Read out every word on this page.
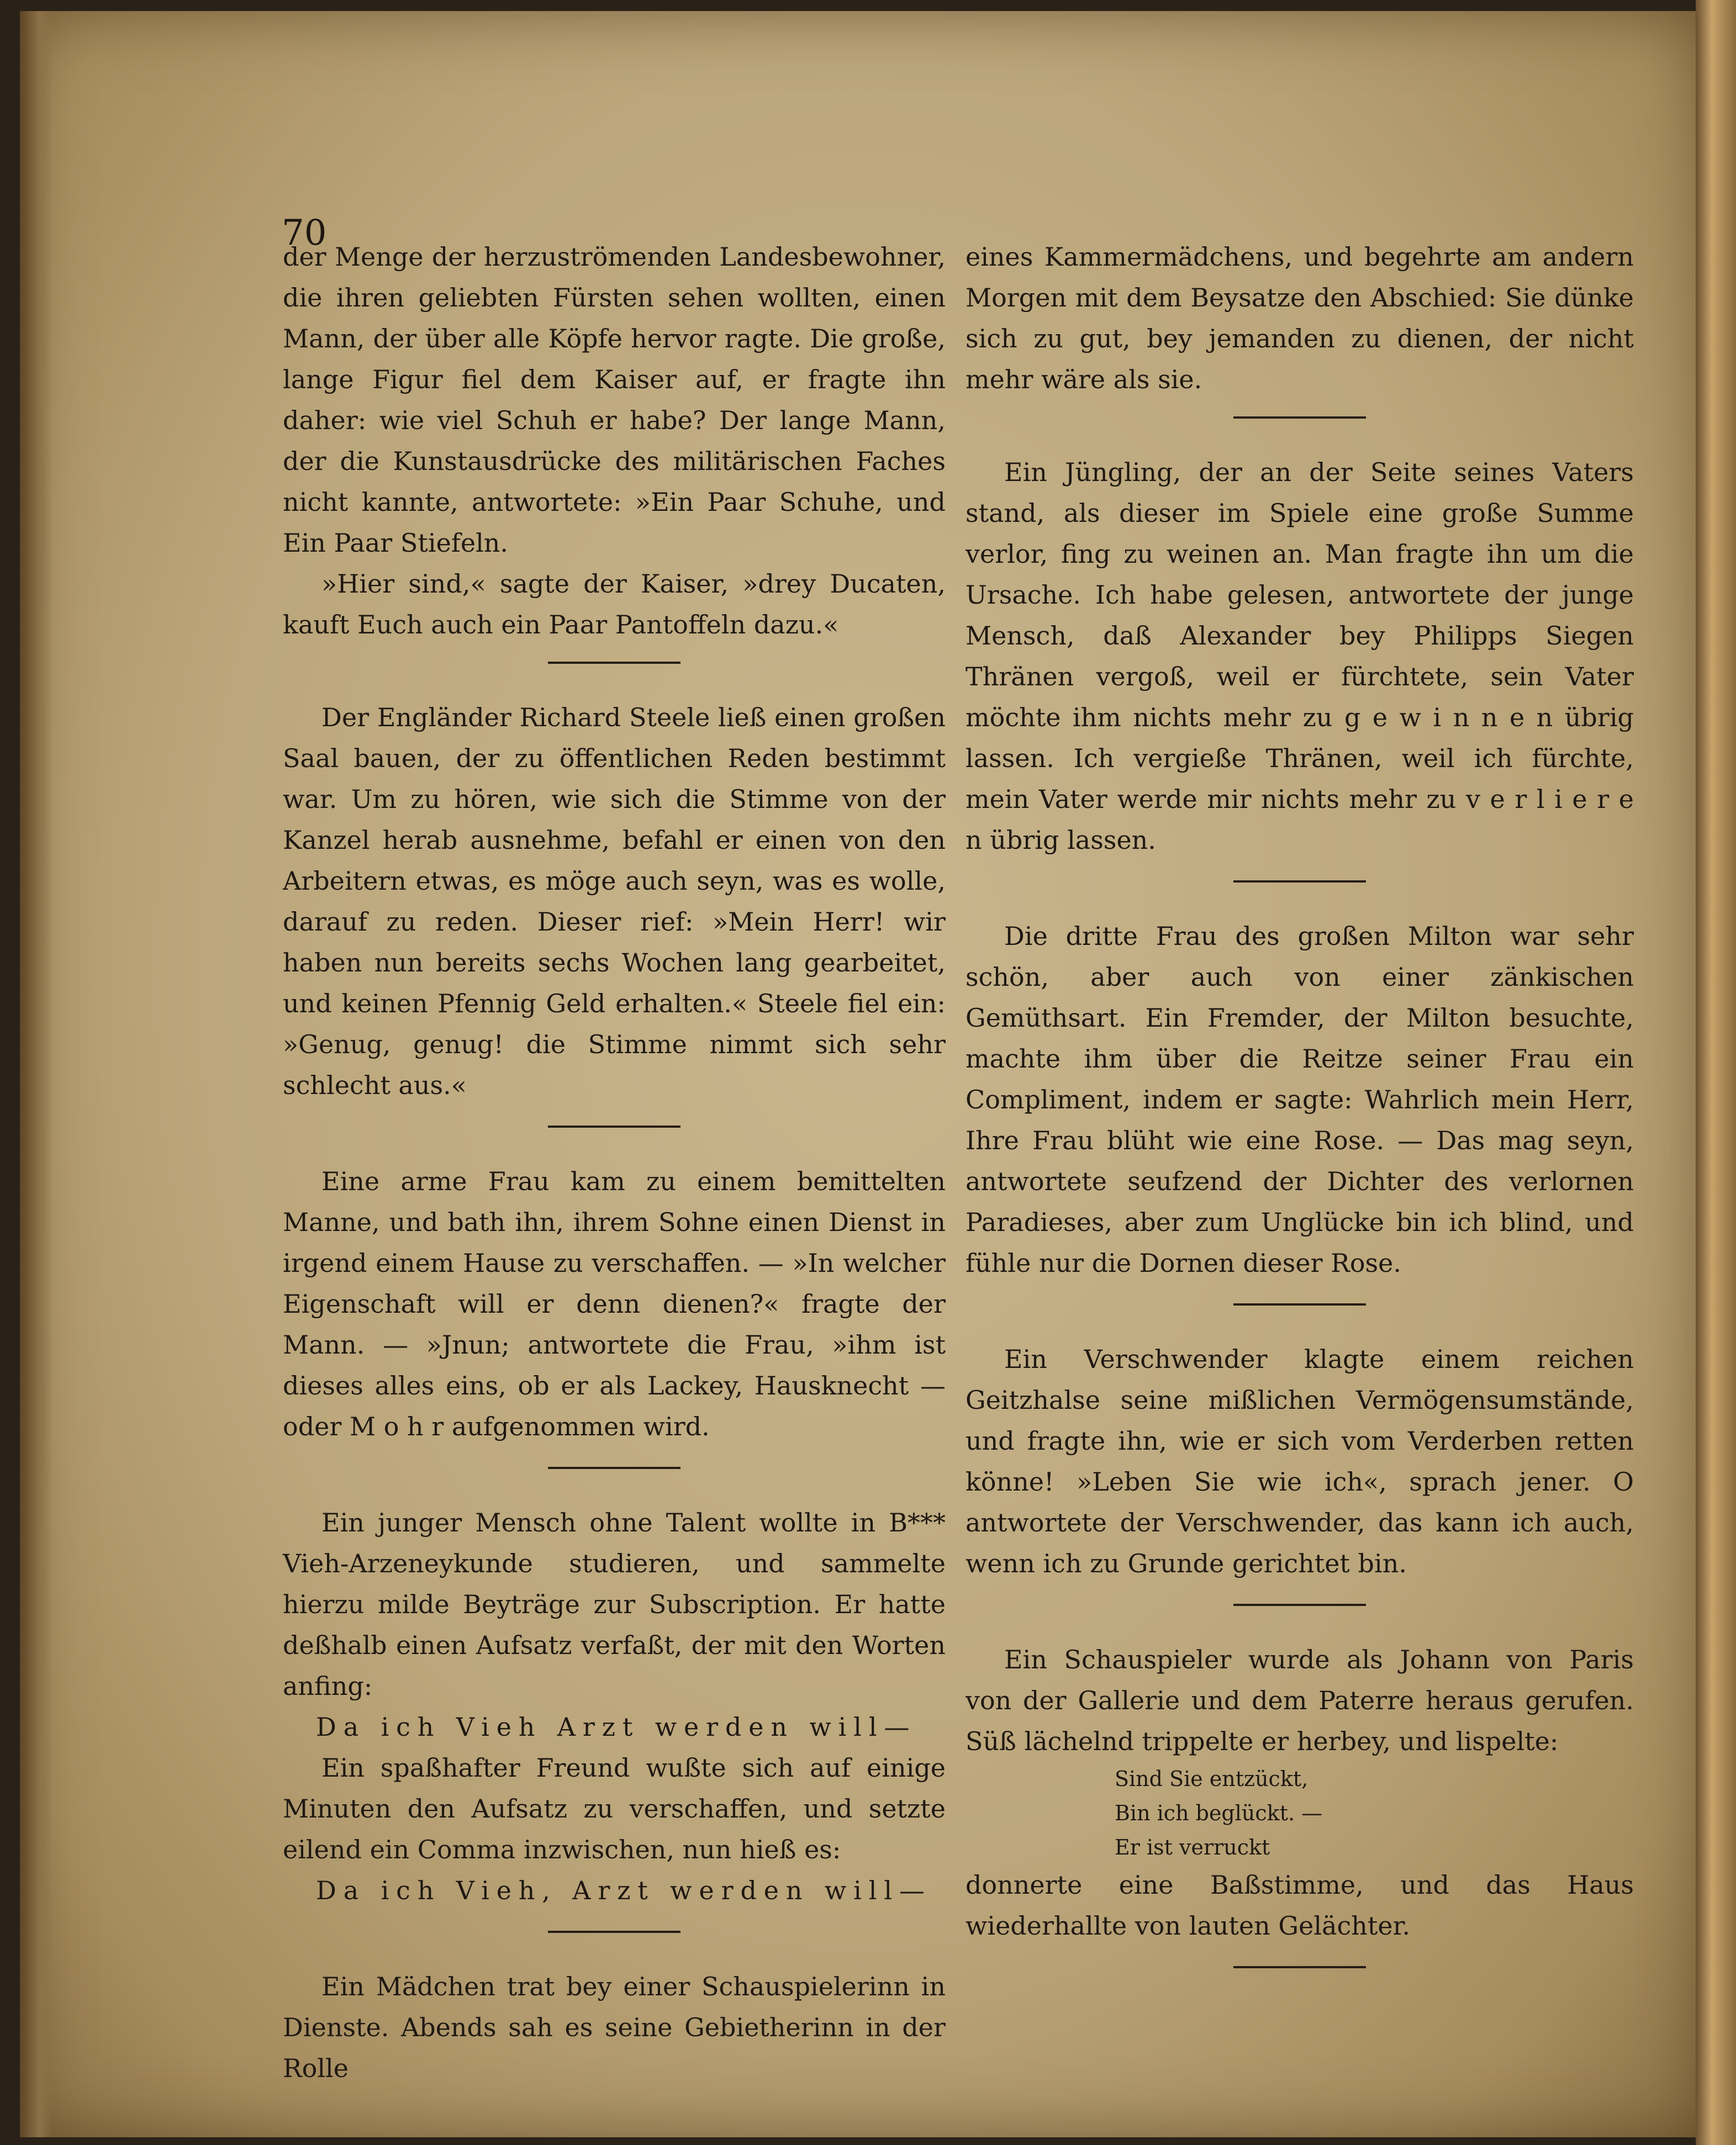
70

der Menge der herzuströmenden Landesbewohner, die ihren geliebten Fürsten sehen wollten, einen Mann, der über alle Köpfe hervor ragte. Die große, lange Figur fiel dem Kaiser auf, er fragte ihn daher: wie viel Schuh er habe? Der lange Mann, der die Kunstausdrücke des militärischen Faches nicht kannte, antwortete: »Ein Paar Schuhe, und Ein Paar Stiefeln.

»Hier sind,« sagte der Kaiser, »drey Ducaten, kauft Euch auch ein Paar Pantoffeln dazu.«

Der Engländer Richard Steele ließ einen großen Saal bauen, der zu öffentlichen Reden bestimmt war. Um zu hören, wie sich die Stimme von der Kanzel herab ausnehme, befahl er einen von den Arbeitern etwas, es möge auch seyn, was es wolle, darauf zu reden. Dieser rief: »Mein Herr! wir haben nun bereits sechs Wochen lang gearbeitet, und keinen Pfennig Geld erhalten.« Steele fiel ein: »Genug, genug! die Stimme nimmt sich sehr schlecht aus.«

Eine arme Frau kam zu einem bemittelten Manne, und bath ihn, ihrem Sohne einen Dienst in irgend einem Hause zu verschaffen. — »In welcher Eigenschaft will er denn dienen?« fragte der Mann. — »Jnun; antwortete die Frau, »ihm ist dieses alles eins, ob er als Lackey, Hausknecht — oder M o h r aufgenommen wird.

Ein junger Mensch ohne Talent wollte in B*** Vieh-Arzeneykunde studieren, und sammelte hierzu milde Beyträge zur Subscription. Er hatte deßhalb einen Aufsatz verfaßt, der mit den Worten anfing:

Da ich Vieh Arzt werden will—

Ein spaßhafter Freund wußte sich auf einige Minuten den Aufsatz zu verschaffen, und setzte eilend ein Comma inzwischen, nun hieß es:

Da ich Vieh, Arzt werden will—

Ein Mädchen trat bey einer Schauspielerinn in Dienste. Abends sah es seine Gebietherinn in der Rolle

eines Kammermädchens, und begehrte am andern Morgen mit dem Beysatze den Abschied: Sie dünke sich zu gut, bey jemanden zu dienen, der nicht mehr wäre als sie.

Ein Jüngling, der an der Seite seines Vaters stand, als dieser im Spiele eine große Summe verlor, fing zu weinen an. Man fragte ihn um die Ursache. Ich habe gelesen, antwortete der junge Mensch, daß Alexander bey Philipps Siegen Thränen vergoß, weil er fürchtete, sein Vater möchte ihm nichts mehr zu g e w i n n e n übrig lassen. Ich vergieße Thränen, weil ich fürchte, mein Vater werde mir nichts mehr zu v e r l i e r e n übrig lassen.

Die dritte Frau des großen Milton war sehr schön, aber auch von einer zänkischen Gemüthsart. Ein Fremder, der Milton besuchte, machte ihm über die Reitze seiner Frau ein Compliment, indem er sagte: Wahrlich mein Herr, Ihre Frau blüht wie eine Rose. — Das mag seyn, antwortete seufzend der Dichter des verlornen Paradieses, aber zum Unglücke bin ich blind, und fühle nur die Dornen dieser Rose.

Ein Verschwender klagte einem reichen Geitzhalse seine mißlichen Vermögensumstände, und fragte ihn, wie er sich vom Verderben retten könne! »Leben Sie wie ich«, sprach jener. O antwortete der Verschwender, das kann ich auch, wenn ich zu Grunde gerichtet bin.

Ein Schauspieler wurde als Johann von Paris von der Gallerie und dem Paterre heraus gerufen. Süß lächelnd trippelte er herbey, und lispelte:

Sind Sie entzückt,

Bin ich beglückt. —

Er ist verruckt

donnerte eine Baßstimme, und das Haus wiederhallte von lauten Gelächter.
